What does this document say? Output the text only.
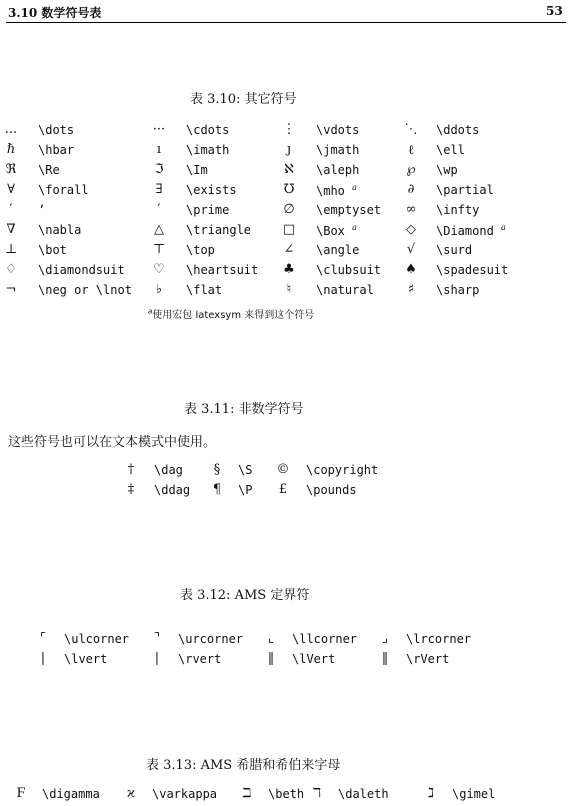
3.10 数学符号表	53
表 3.10: 其它符号
...	\dots	···	\cdots	⋮	\vdots	⋱	\ddots
ℏ	\hbar	ı	\imath	ȷ	\jmath	ℓ	\ell
ℜ	\Re	ℑ	\Im	ℵ	\aleph	℘	\wp
∀	\forall	∃	\exists	℧	\mho $^a$	∂	\partial
′	’	′	\prime	∅	\emptyset	∞	\infty
∇	\nabla	△	\triangle	□	\Box $^a$	◇	\Diamond $^a$
⊥	\bot	⊤	\top	∠	\angle	√	\surd
♢	\diamondsuit	♡	\heartsuit	♣	\clubsuit	♠	\spadesuit
¬	\neg or \lnot	♭	\flat	♮	\natural	♯	\sharp
$^a$使用宏包 latexsym 来得到这个符号
表 3.11: 非数学符号
这些符号也可以在文本模式中使用。
†	\dag	§	\S	©	\copyright
‡	\ddag	¶	\P	£	\pounds
表 3.12: AMS 定界符
⌜	\ulcorner	⌝	\urcorner	⌞	\llcorner	⌟	\lrcorner
|	\lvert	|	\rvert	‖	\lVert	‖	\rVert
表 3.13: AMS 希腊和希伯来字母
Ϝ	\digamma	ϰ	\varkappa	ℶ	\beth ℸ	\daleth	ℷ	\gimel
